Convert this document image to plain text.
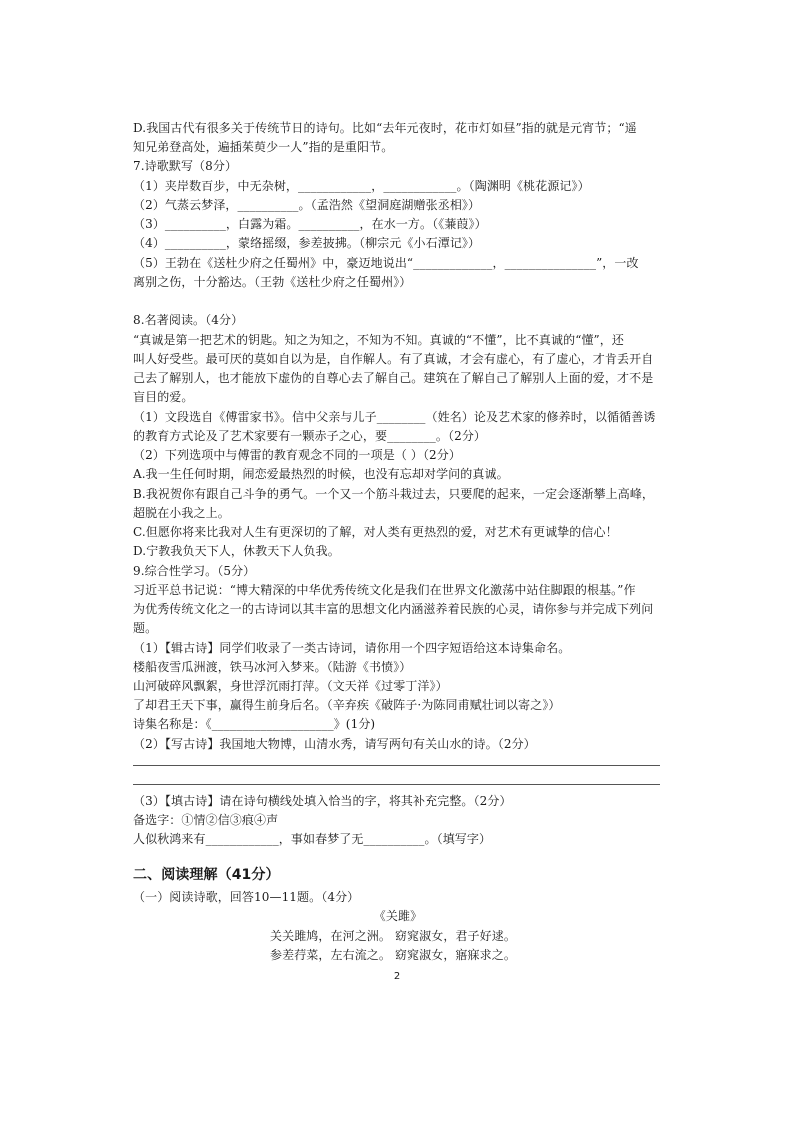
D.我国古代有很多关于传统节日的诗句。比如“去年元夜时，花市灯如昼”指的就是元宵节；“遥
知兄弟登高处，遍插茱萸少一人”指的是重阳节。
7.诗歌默写（8分）
（1）夹岸数百步，中无杂树，____________，____________。（陶渊明《桃花源记》）
（2）气蒸云梦泽，__________。（孟浩然《望洞庭湖赠张丞相》）
（3）__________，白露为霜。__________，在水一方。（《蒹葭》）
（4）__________，蒙络摇缀，参差披拂。（柳宗元《小石潭记》）
（5）王勃在《送杜少府之任蜀州》中，豪迈地说出“_____________，_______________”，一改
离别之伤，十分豁达。（王勃《送杜少府之任蜀州》）
8.名著阅读。（4分）
“真诚是第一把艺术的钥匙。知之为知之，不知为不知。真诚的“不懂”，比不真诚的“懂”，还
叫人好受些。最可厌的莫如自以为是，自作解人。有了真诚，才会有虚心，有了虚心，才肯丢开自
己去了解别人，也才能放下虚伪的自尊心去了解自己。建筑在了解自己了解别人上面的爱，才不是
盲目的爱。
（1）文段选自《傅雷家书》。信中父亲与儿子________（姓名）论及艺术家的修养时，以循循善诱
的教育方式论及了艺术家要有一颗赤子之心，要________。（2分）
（2）下列选项中与傅雷的教育观念不同的一项是（ ）（2分）
A.我一生任何时期，闹恋爱最热烈的时候，也没有忘却对学问的真诚。
B.我祝贺你有跟自己斗争的勇气。一个又一个筋斗栽过去，只要爬的起来，一定会逐渐攀上高峰，
超脱在小我之上。
C.但愿你将来比我对人生有更深切的了解，对人类有更热烈的爱，对艺术有更诚挚的信心！
D.宁教我负天下人，休教天下人负我。
9.综合性学习。（5分）
习近平总书记说：“博大精深的中华优秀传统文化是我们在世界文化激荡中站住脚跟的根基。”作
为优秀传统文化之一的古诗词以其丰富的思想文化内涵滋养着民族的心灵，请你参与并完成下列问
题。
（1）【辑古诗】同学们收录了一类古诗词，请你用一个四字短语给这本诗集命名。
楼船夜雪瓜洲渡，铁马冰河入梦来。（陆游《书愤》）
山河破碎风飘絮，身世浮沉雨打萍。（文天祥《过零丁洋》）
了却君王天下事，赢得生前身后名。（辛弃疾《破阵子·为陈同甫赋壮词以寄之》）
诗集名称是：《____________________》(1分)
（2）【写古诗】我国地大物博，山清水秀，请写两句有关山水的诗。（2分）
（3）【填古诗】请在诗句横线处填入恰当的字，将其补充完整。（2分）
备选字：①情②信③痕④声
人似秋鸿来有____________，事如春梦了无__________。（填写字）
二、阅读理解（41分）
（一）阅读诗歌，回答10—11题。（4分）
《关雎》
关关雎鸠，在河之洲。 窈窕淑女，君子好逑。
参差荇菜，左右流之。 窈窕淑女，寤寐求之。
2
